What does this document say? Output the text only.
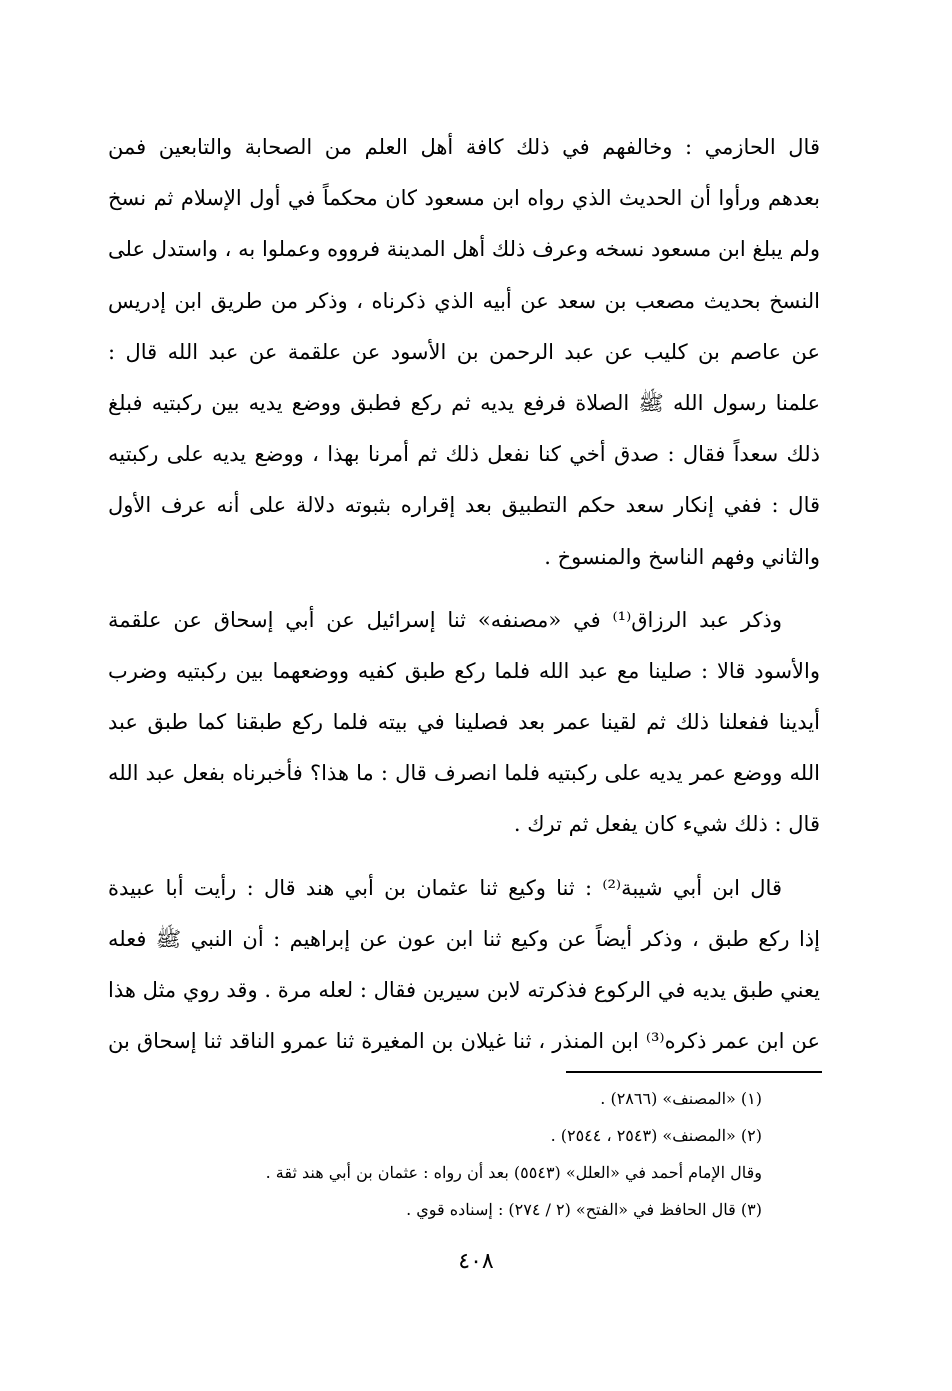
قال الحازمي : وخالفهم في ذلك كافة أهل العلم من الصحابة والتابعين فمن
بعدهم ورأوا أن الحديث الذي رواه ابن مسعود كان محكماً في أول الإسلام ثم نسخ
ولم يبلغ ابن مسعود نسخه وعرف ذلك أهل المدينة فرووه وعملوا به ، واستدل على
النسخ بحديث مصعب بن سعد عن أبيه الذي ذكرناه ، وذكر من طريق ابن إدريس
عن عاصم بن كليب عن عبد الرحمن بن الأسود عن علقمة عن عبد الله قال :
علمنا رسول الله ﷺ الصلاة فرفع يديه ثم ركع فطبق ووضع يديه بين ركبتيه فبلغ
ذلك سعداً فقال : صدق أخي كنا نفعل ذلك ثم أمرنا بهذا ، ووضع يديه على ركبتيه
قال : ففي إنكار سعد حكم التطبيق بعد إقراره بثبوته دلالة على أنه عرف الأول
والثاني وفهم الناسخ والمنسوخ .
وذكر عبد الرزاق⁽¹⁾ في «مصنفه» ثنا إسرائيل عن أبي إسحاق عن علقمة
والأسود قالا : صلينا مع عبد الله فلما ركع طبق كفيه ووضعهما بين ركبتيه وضرب
أيدينا ففعلنا ذلك ثم لقينا عمر بعد فصلينا في بيته فلما ركع طبقنا كما طبق عبد
الله ووضع عمر يديه على ركبتيه فلما انصرف قال : ما هذا؟ فأخبرناه بفعل عبد الله
قال : ذلك شيء كان يفعل ثم ترك .
قال ابن أبي شيبة⁽²⁾ : ثنا وكيع ثنا عثمان بن أبي هند قال : رأيت أبا عبيدة
إذا ركع طبق ، وذكر أيضاً عن وكيع ثنا ابن عون عن إبراهيم : أن النبي ﷺ فعله
يعني طبق يديه في الركوع فذكرته لابن سيرين فقال : لعله مرة . وقد روي مثل هذا
عن ابن عمر ذكره⁽³⁾ ابن المنذر ، ثنا غيلان بن المغيرة ثنا عمرو الناقد ثنا إسحاق بن
(١) «المصنف» (٢٨٦٦) .
(٢) «المصنف» (٢٥٤٣ ، ٢٥٤٤) .
وقال الإمام أحمد في «العلل» (٥٥٤٣) بعد أن رواه : عثمان بن أبي هند ثقة .
(٣) قال الحافظ في «الفتح» (٢ / ٢٧٤) : إسناده قوي .
٤٠٨
